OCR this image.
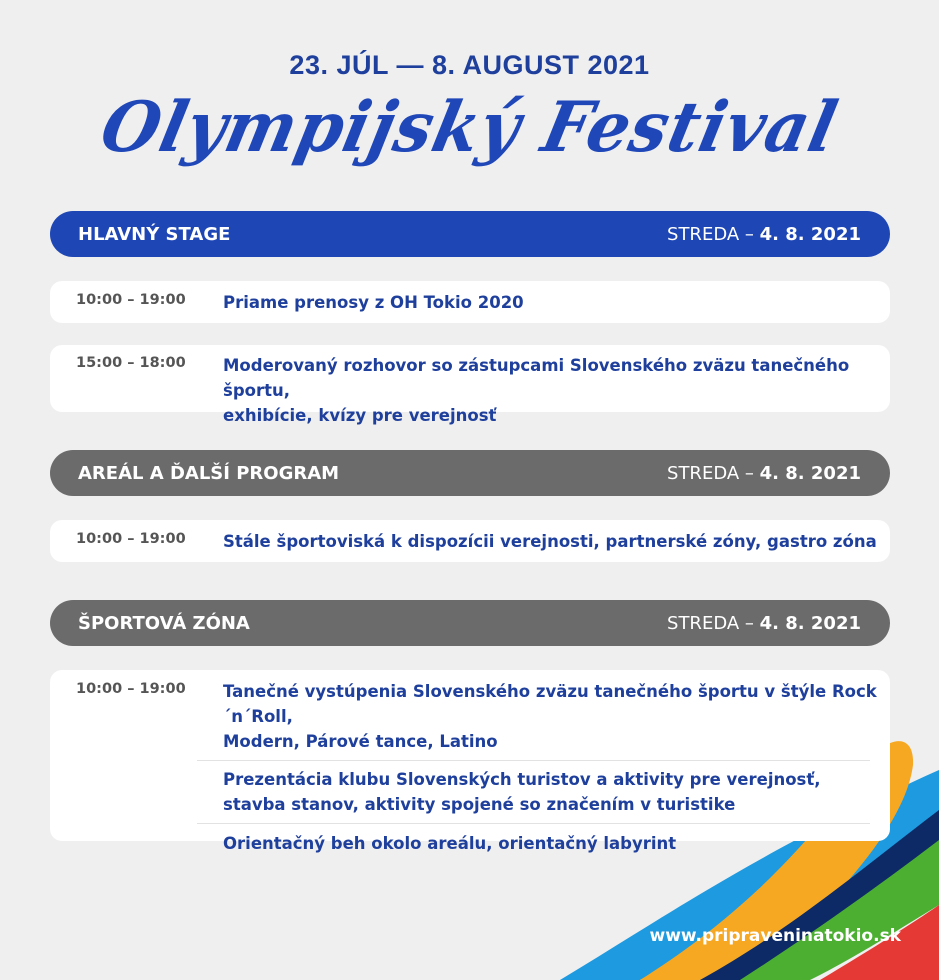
23. JÚL — 8. AUGUST 2021
Olympijský Festival
HLAVNÝ STAGE	STREDA – 4. 8. 2021
10:00 – 19:00	Priame prenosy z OH Tokio 2020
15:00 – 18:00	Moderovaný rozhovor so zástupcami Slovenského zväzu tanečného športu,
exhibície, kvízy pre verejnosť
AREÁL A ĎALŠÍ PROGRAM	STREDA – 4. 8. 2021
10:00 – 19:00	Stále športoviská k dispozícii verejnosti, partnerské zóny, gastro zóna
ŠPORTOVÁ ZÓNA	STREDA – 4. 8. 2021
10:00 – 19:00	Tanečné vystúpenia Slovenského zväzu tanečného športu v štýle Rock´n´Roll,
Modern, Párové tance, Latino
Prezentácia klubu Slovenských turistov a aktivity pre verejnosť,
stavba stanov, aktivity spojené so značením v turistike
Orientačný beh okolo areálu, orientačný labyrint
www.pripraveninatokio.sk
